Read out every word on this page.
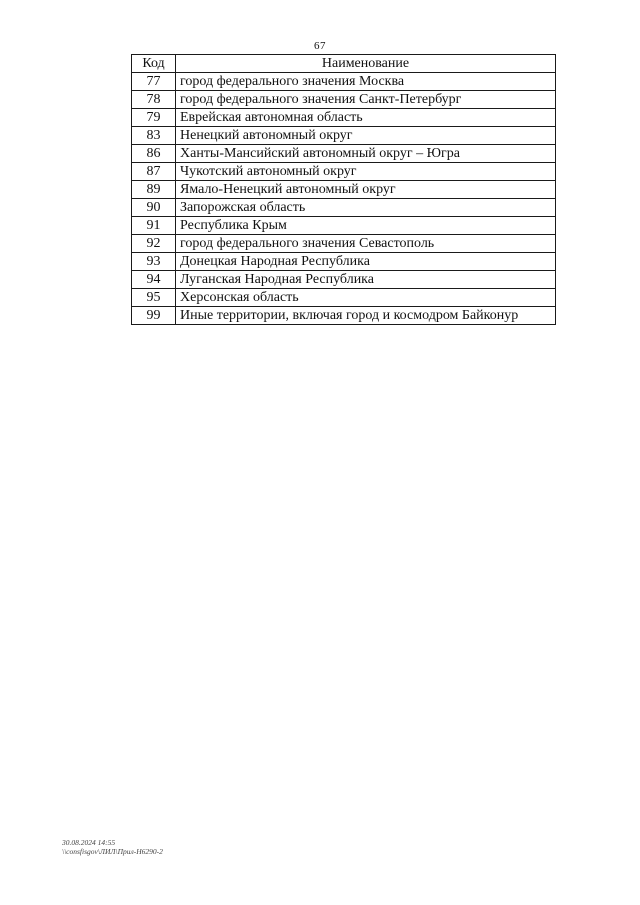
67
Код	Наименование
77	город федерального значения Москва
78	город федерального значения Санкт-Петербург
79	Еврейская автономная область
83	Ненецкий автономный округ
86	Ханты-Мансийский автономный округ – Югра
87	Чукотский автономный округ
89	Ямало-Ненецкий автономный округ
90	Запорожская область
91	Республика Крым
92	город федерального значения Севастополь
93	Донецкая Народная Республика
94	Луганская Народная Республика
95	Херсонская область
99	Иные территории, включая город и космодром Байконур
30.08.2024 14:55
\\consfisgov\ЛИЛ\Прил-Н6290-2
